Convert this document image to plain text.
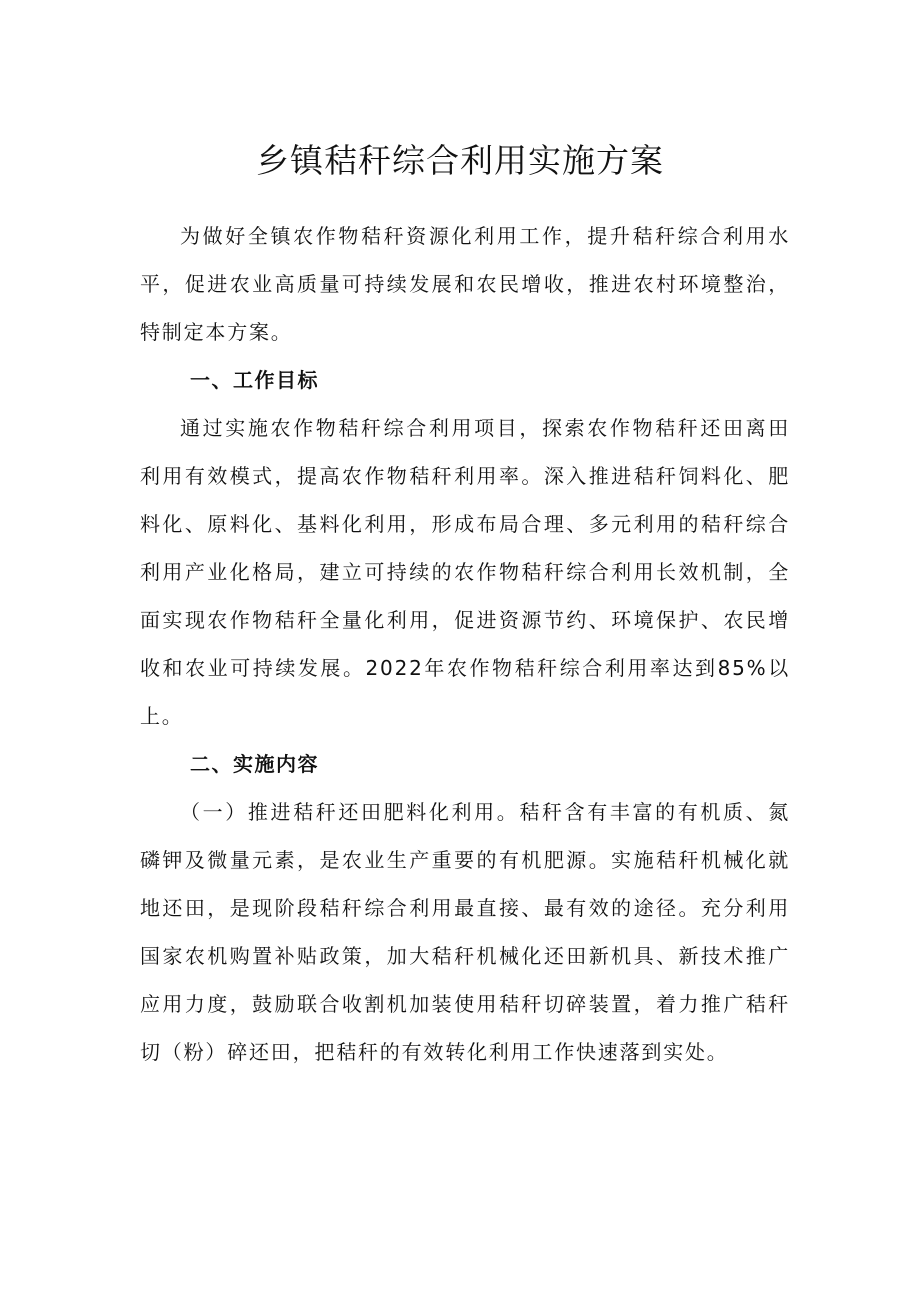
乡镇秸秆综合利用实施方案

为做好全镇农作物秸秆资源化利用工作，提升秸秆综合利用水平，促进农业高质量可持续发展和农民增收，推进农村环境整治，特制定本方案。

一、工作目标

通过实施农作物秸秆综合利用项目，探索农作物秸秆还田离田利用有效模式，提高农作物秸秆利用率。深入推进秸秆饲料化、肥料化、原料化、基料化利用，形成布局合理、多元利用的秸秆综合利用产业化格局，建立可持续的农作物秸秆综合利用长效机制，全面实现农作物秸秆全量化利用，促进资源节约、环境保护、农民增收和农业可持续发展。2022年农作物秸秆综合利用率达到85%以上。

二、实施内容

（一）推进秸秆还田肥料化利用。秸秆含有丰富的有机质、氮磷钾及微量元素，是农业生产重要的有机肥源。实施秸秆机械化就地还田，是现阶段秸秆综合利用最直接、最有效的途径。充分利用国家农机购置补贴政策，加大秸秆机械化还田新机具、新技术推广应用力度，鼓励联合收割机加装使用秸秆切碎装置，着力推广秸秆切（粉）碎还田，把秸秆的有效转化利用工作快速落到实处。
